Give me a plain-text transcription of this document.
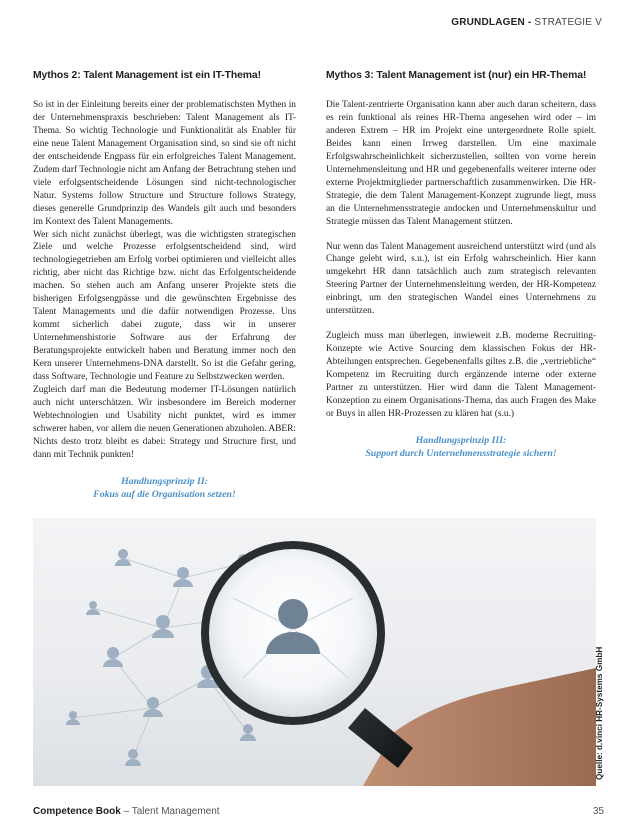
GRUNDLAGEN - STRATEGIE V
Mythos 2: Talent Management ist ein IT-Thema!

So ist in der Einleitung bereits einer der problematischsten Mythen in der Unternehmenspraxis beschrieben: Talent Management als IT-Thema. So wichtig Technologie und Funktionalität als Enabler für eine neue Talent Management Organisation sind, so sind sie oft nicht der entscheidende Engpass für ein erfolgreiches Talent Management. Zudem darf Technologie nicht am Anfang der Betrachtung stehen und viele erfolgsentscheidende Lösungen sind nicht-technologischer Natur. Systems follow Structure und Structure follows Strategy, dieses generelle Grundprinzip des Wandels gilt auch und besonders im Kontext des Talent Managements.

Wer sich nicht zunächst überlegt, was die wichtigsten strategischen Ziele und welche Prozesse erfolgsentscheidend sind, wird technologiegetrieben am Erfolg vorbei optimieren und vielleicht alles richtig, aber nicht das Richtige bzw. nicht das Erfolgentscheidende machen. So stehen auch am Anfang unserer Projekte stets die bisherigen Erfolgsengpässe und die gewünschten Ergebnisse des Talent Managements und die dafür notwendigen Prozesse. Uns kommt sicherlich dabei zugute, dass wir in unserer Unternehmenshistorie Software aus der Erfahrung der Beratungsprojekte entwickelt haben und Beratung immer noch den Kern unserer Unternehmens-DNA darstellt. So ist die Gefahr gering, dass Software, Technologie und Feature zu Selbstzwecken werden.

Zugleich darf man die Bedeutung moderner IT-Lösungen natürlich auch nicht unterschätzen. Wir insbesondere im Bereich moderner Webtechnologien und Usability nicht punktet, wird es immer schwerer haben, vor allem die neuen Generationen abzuholen. ABER: Nichts desto trotz bleibt es dabei: Strategy und Structure first, und dann mit Technik punkten!

Handlungsprinzip II:
Fokus auf die Organisation setzen!
Mythos 3: Talent Management ist (nur) ein HR-Thema!

Die Talent-zentrierte Organisation kann aber auch daran scheitern, dass es rein funktional als reines HR-Thema angesehen wird oder – im anderen Extrem – HR im Projekt eine untergeordnete Rolle spielt. Beides kann einen Irrweg darstellen. Um eine maximale Erfolgswahrscheinlichkeit sicherzustellen, sollten von vorne herein Unternehmensleitung und HR und gegebenenfalls weiterer interne oder externe Projektmitglieder partnerschaftlich zusammenwirken. Die HR-Strategie, die dem Talent Management-Konzept zugrunde liegt, muss an die Unternehmensstrategie andocken und Unternehmenskultur und Strategie müssen das Talent Management stützen.

Nur wenn das Talent Management ausreichend unterstützt wird (und als Change gelebt wird, s.u.), ist ein Erfolg wahrscheinlich. Hier kann umgekehrt HR dann tatsächlich auch zum strategisch relevanten Steering Partner der Unternehmensleitung werden, der HR-Kompetenz einbringt, um den strategischen Wandel eines Unternehmens zu unterstützen.

Zugleich muss man überlegen, inwieweit z.B. moderne Recruiting-Konzepte wie Active Sourcing dem klassischen Fokus der HR-Abteilungen entsprechen. Gegebenenfalls giltes z.B. die „vertriebliche“ Kompetenz im Recruiting durch ergänzende interne oder externe Partner zu unterstützen. Hier wird dann die Talent Management-Konzeption zu einem Organisations-Thema, das auch Fragen des Make or Buys in allen HR-Prozessen zu klären hat (s.u.)

Handlungsprinzip III:
Support durch Unternehmensstrategie sichern!
Quelle: d.vinci HR-Systems GmbH
Competence Book – Talent Management	35
